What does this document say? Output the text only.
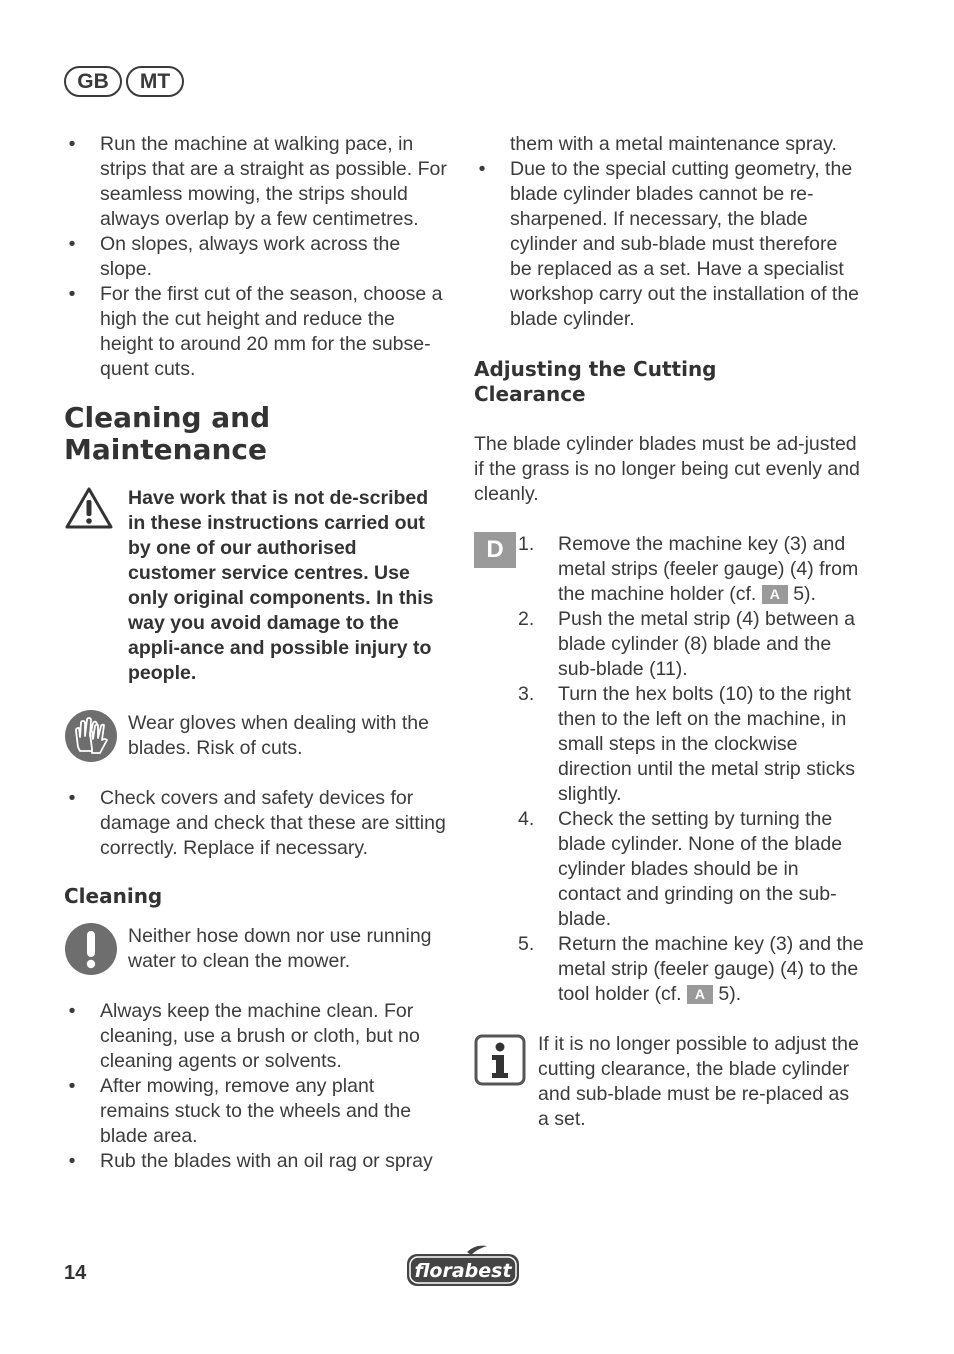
GB	MT
• Run the machine at walking pace, in strips that are a straight as possible. For seamless mowing, the strips should always overlap by a few centimetres.
• On slopes, always work across the slope.
• For the first cut of the season, choose a high the cut height and reduce the height to around 20 mm for the subse-quent cuts.
Cleaning and
Maintenance
Have work that is not de-scribed in these instructions carried out by one of our authorised customer service centres. Use only original components. In this way you avoid damage to the appli-ance and possible injury to people.
Wear gloves when dealing with the blades. Risk of cuts.
• Check covers and safety devices for damage and check that these are sitting correctly. Replace if necessary.
Cleaning
Neither hose down nor use running water to clean the mower.
• Always keep the machine clean. For cleaning, use a brush or cloth, but no cleaning agents or solvents.
• After mowing, remove any plant remains stuck to the wheels and the blade area.
• Rub the blades with an oil rag or spray
them with a metal maintenance spray.
• Due to the special cutting geometry, the blade cylinder blades cannot be re-sharpened. If necessary, the blade cylinder and sub-blade must therefore be replaced as a set. Have a specialist workshop carry out the installation of the blade cylinder.
Adjusting the Cutting
Clearance
The blade cylinder blades must be ad-justed if the grass is no longer being cut evenly and cleanly.
D 1. Remove the machine key (3) and metal strips (feeler gauge) (4) from the machine holder (cf. A 5).
2. Push the metal strip (4) between a blade cylinder (8) blade and the sub-blade (11).
3. Turn the hex bolts (10) to the right then to the left on the machine, in small steps in the clockwise direction until the metal strip sticks slightly.
4. Check the setting by turning the blade cylinder. None of the blade cylinder blades should be in contact and grinding on the sub-blade.
5. Return the machine key (3) and the metal strip (feeler gauge) (4) to the tool holder (cf. A 5).
If it is no longer possible to adjust the cutting clearance, the blade cylinder and sub-blade must be re-placed as a set.
14	florabest
